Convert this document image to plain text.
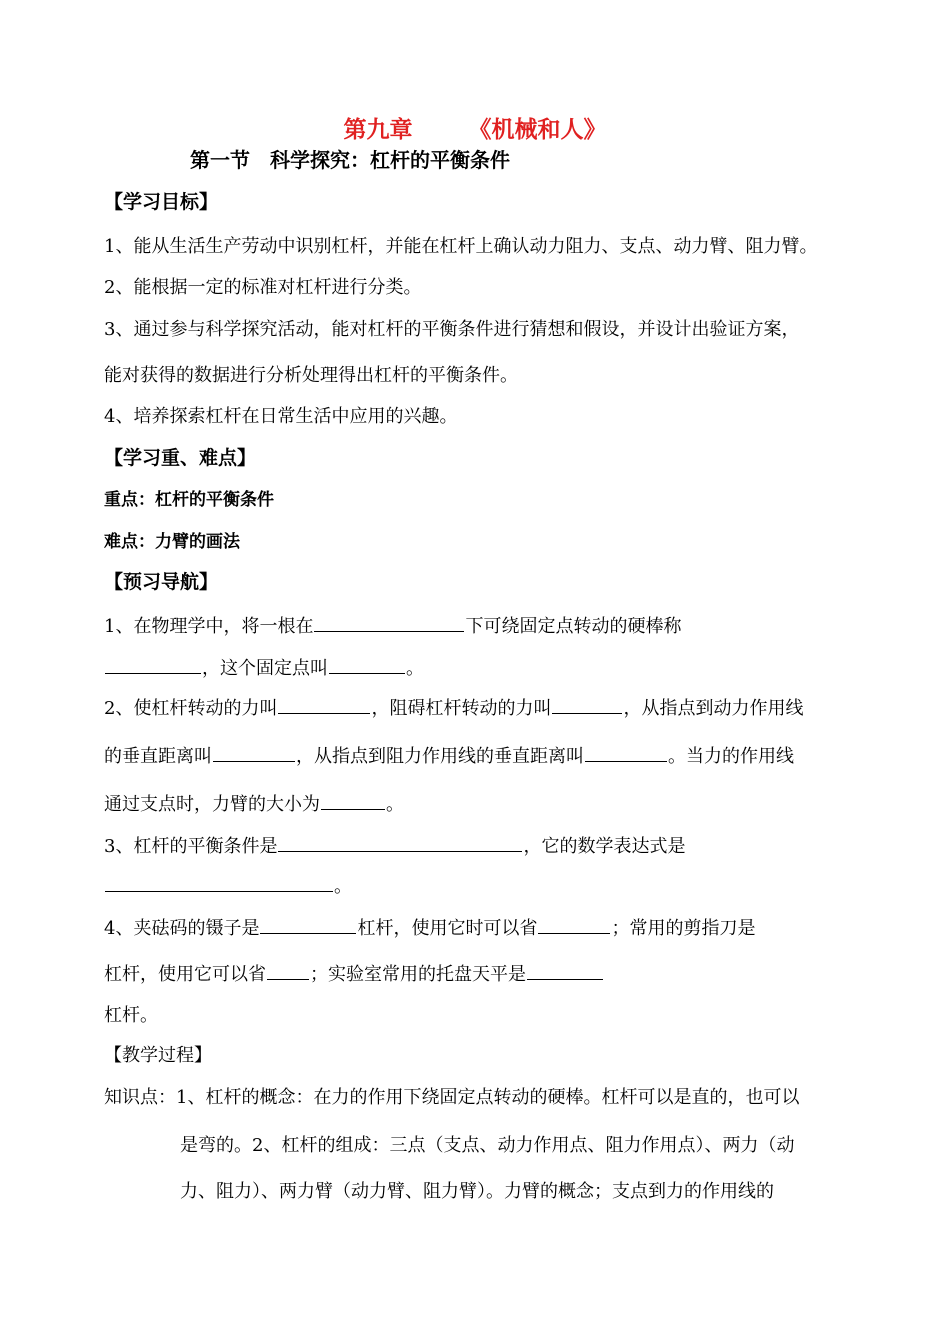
第九章 《机械和人》
第一节　科学探究：杠杆的平衡条件
【学习目标】
1、能从生活生产劳动中识别杠杆，并能在杠杆上确认动力阻力、支点、动力臂、阻力臂。
2、能根据一定的标准对杠杆进行分类。
3、通过参与科学探究活动，能对杠杆的平衡条件进行猜想和假设，并设计出验证方案，
能对获得的数据进行分析处理得出杠杆的平衡条件。
4、培养探索杠杆在日常生活中应用的兴趣。
【学习重、难点】
重点：杠杆的平衡条件
难点：力臂的画法
【预习导航】
1、在物理学中，将一根在	下可绕固定点转动的硬棒称
，这个固定点叫	。
2、使杠杆转动的力叫	，阻碍杠杆转动的力叫	，从指点到动力作用线
的垂直距离叫	，从指点到阻力作用线的垂直距离叫	。当力的作用线
通过支点时，力臂的大小为	。
3、杠杆的平衡条件是	，它的数学表达式是
。
4、夹砝码的镊子是	杠杆，使用它时可以省	；常用的剪指刀是
杠杆，使用它可以省 ；实验室常用的托盘天平是
杠杆。
【教学过程】
知识点：1、杠杆的概念：在力的作用下绕固定点转动的硬棒。杠杆可以是直的，也可以
是弯的。2、杠杆的组成：三点（支点、动力作用点、阻力作用点）、两力（动
力、阻力）、两力臂（动力臂、阻力臂）。力臂的概念；支点到力的作用线的
